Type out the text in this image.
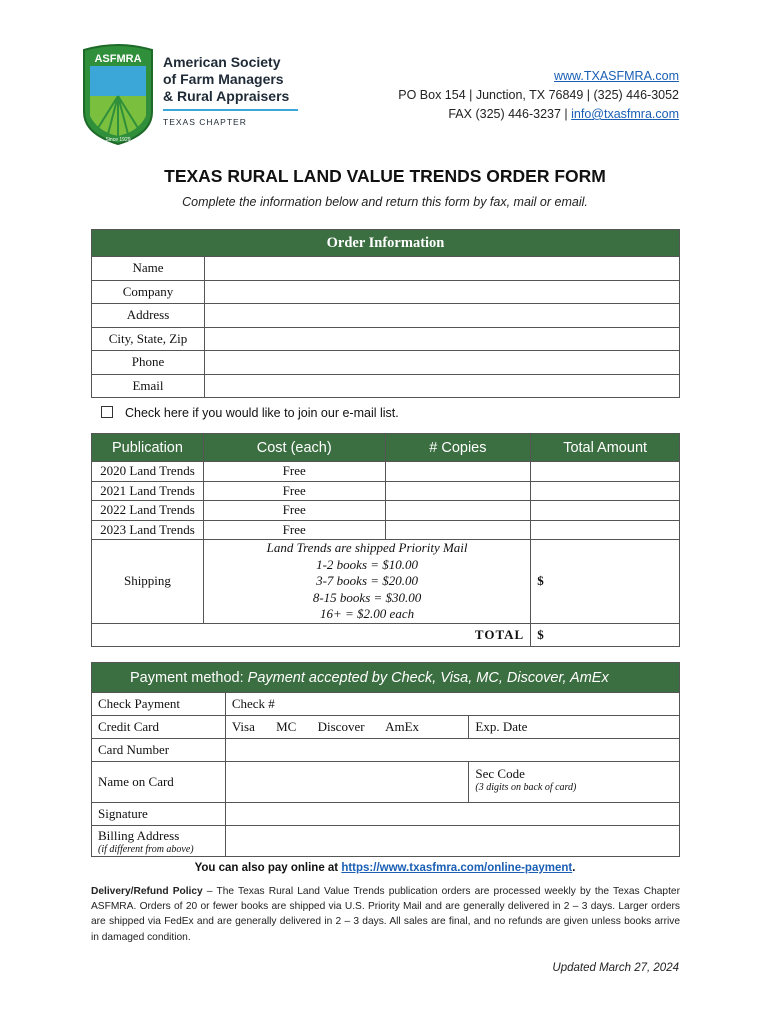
ASFMRA
Since 1929
American Society
of Farm Managers
& Rural Appraisers
TEXAS CHAPTER
www.TXASFMRA.com
PO Box 154 | Junction, TX 76849 | (325) 446-3052
FAX (325) 446-3237 | info@txasfmra.com
TEXAS RURAL LAND VALUE TRENDS ORDER FORM
Complete the information below and return this form by fax, mail or email.
Order Information	
Name	
Company	
Address	
City, State, Zip	
Phone	
Email	
Check here if you would like to join our e-mail list.
Publication	Cost (each)	# Copies	Total Amount
2020 Land Trends	Free		
2021 Land Trends	Free		
2022 Land Trends	Free		
2023 Land Trends	Free		
Shipping	Land Trends are shipped Priority Mail
1-2 books = $10.00
3-7 books = $20.00
8-15 books = $30.00
16+ = $2.00 each		$
TOTAL			$
Payment method: Payment accepted by Check, Visa, MC, Discover, AmEx		
Check Payment	Check #	
Credit Card	Visa MC Discover AmEx	Exp. Date
Card Number		
Name on Card		Sec Code
(3 digits on back of card)

Signature		

Billing Address
(if different from above)		

You can also pay online at https://www.txasfmra.com/online-payment.
Delivery/Refund Policy – The Texas Rural Land Value Trends publication orders are processed weekly by the Texas Chapter ASFMRA. Orders of 20 or fewer books are shipped via U.S. Priority Mail and are generally delivered in 2 – 3 days. Larger orders are shipped via FedEx and are generally delivered in 2 – 3 days. All sales are final, and no refunds are given unless books arrive in damaged condition.
Updated March 27, 2024
